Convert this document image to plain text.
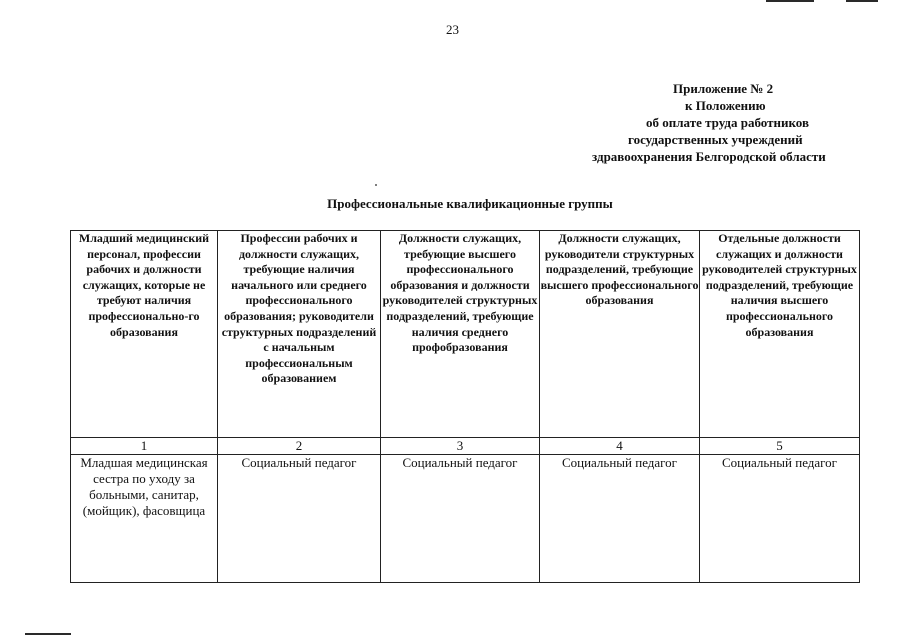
23
Приложение № 2
к Положению
об оплате труда работников
государственных учреждений
здравоохранения Белгородской области
Профессиональные квалификационные группы
Младший медицинский персонал, профессии рабочих и должности служащих, которые не требуют наличия профессионально-го образования	Профессии рабочих и должности служащих, требующие наличия начального или среднего профессионального образования; руководители структурных подразделений с начальным профессиональным образованием	Должности служащих, требующие высшего профессионального образования и должности руководителей структурных подразделений, требующие наличия среднего профобразования	Должности служащих, руководители структурных подразделений, требующие высшего профессионального образования	Отдельные должности служащих и должности руководителей структурных подразделений, требующие наличия высшего профессионального образования
1	2	3	4	5
Младшая медицинская сестра по уходу за больными, санитар, (мойщик), фасовщица	Социальный педагог	Социальный педагог	Социальный педагог	Социальный педагог
